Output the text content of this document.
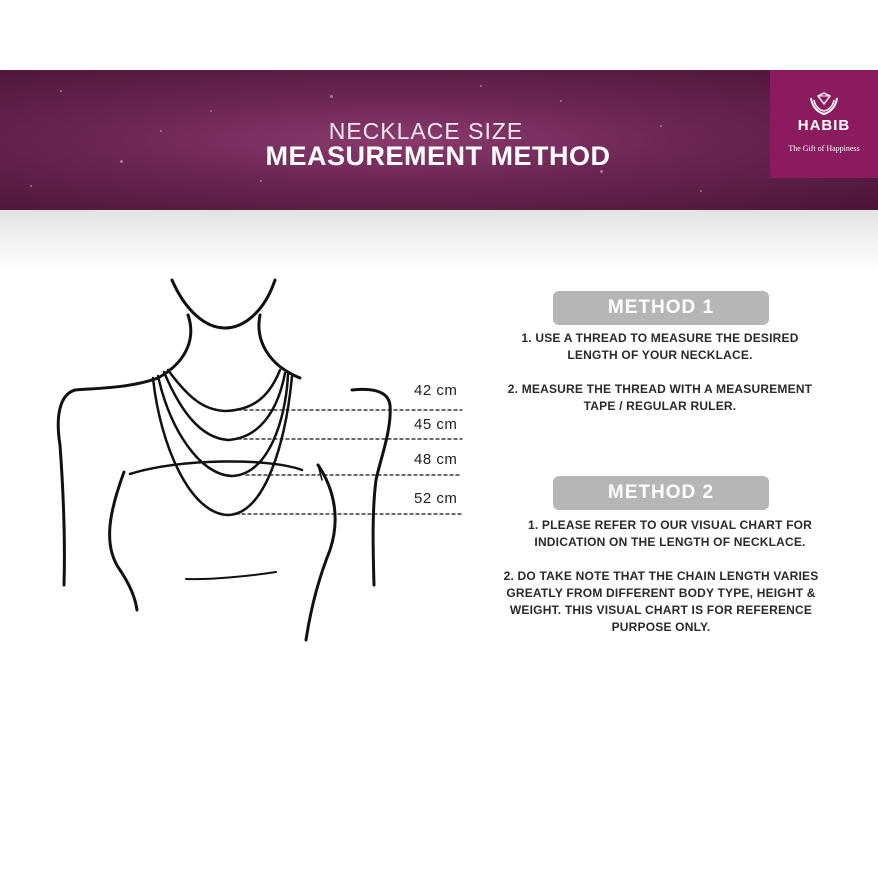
NECKLACE SIZE
MEASUREMENT METHOD
HABIB
The Gift of Happiness
42 cm
45 cm
48 cm
52 cm
METHOD 1
1. USE A THREAD TO MEASURE THE DESIRED LENGTH OF YOUR NECKLACE.
2. MEASURE THE THREAD WITH A MEASUREMENT TAPE / REGULAR RULER.
METHOD 2
1. PLEASE REFER TO OUR VISUAL CHART FOR INDICATION ON THE LENGTH OF NECKLACE.
2. DO TAKE NOTE THAT THE CHAIN LENGTH VARIES GREATLY FROM DIFFERENT BODY TYPE, HEIGHT & WEIGHT. THIS VISUAL CHART IS FOR REFERENCE PURPOSE ONLY.
